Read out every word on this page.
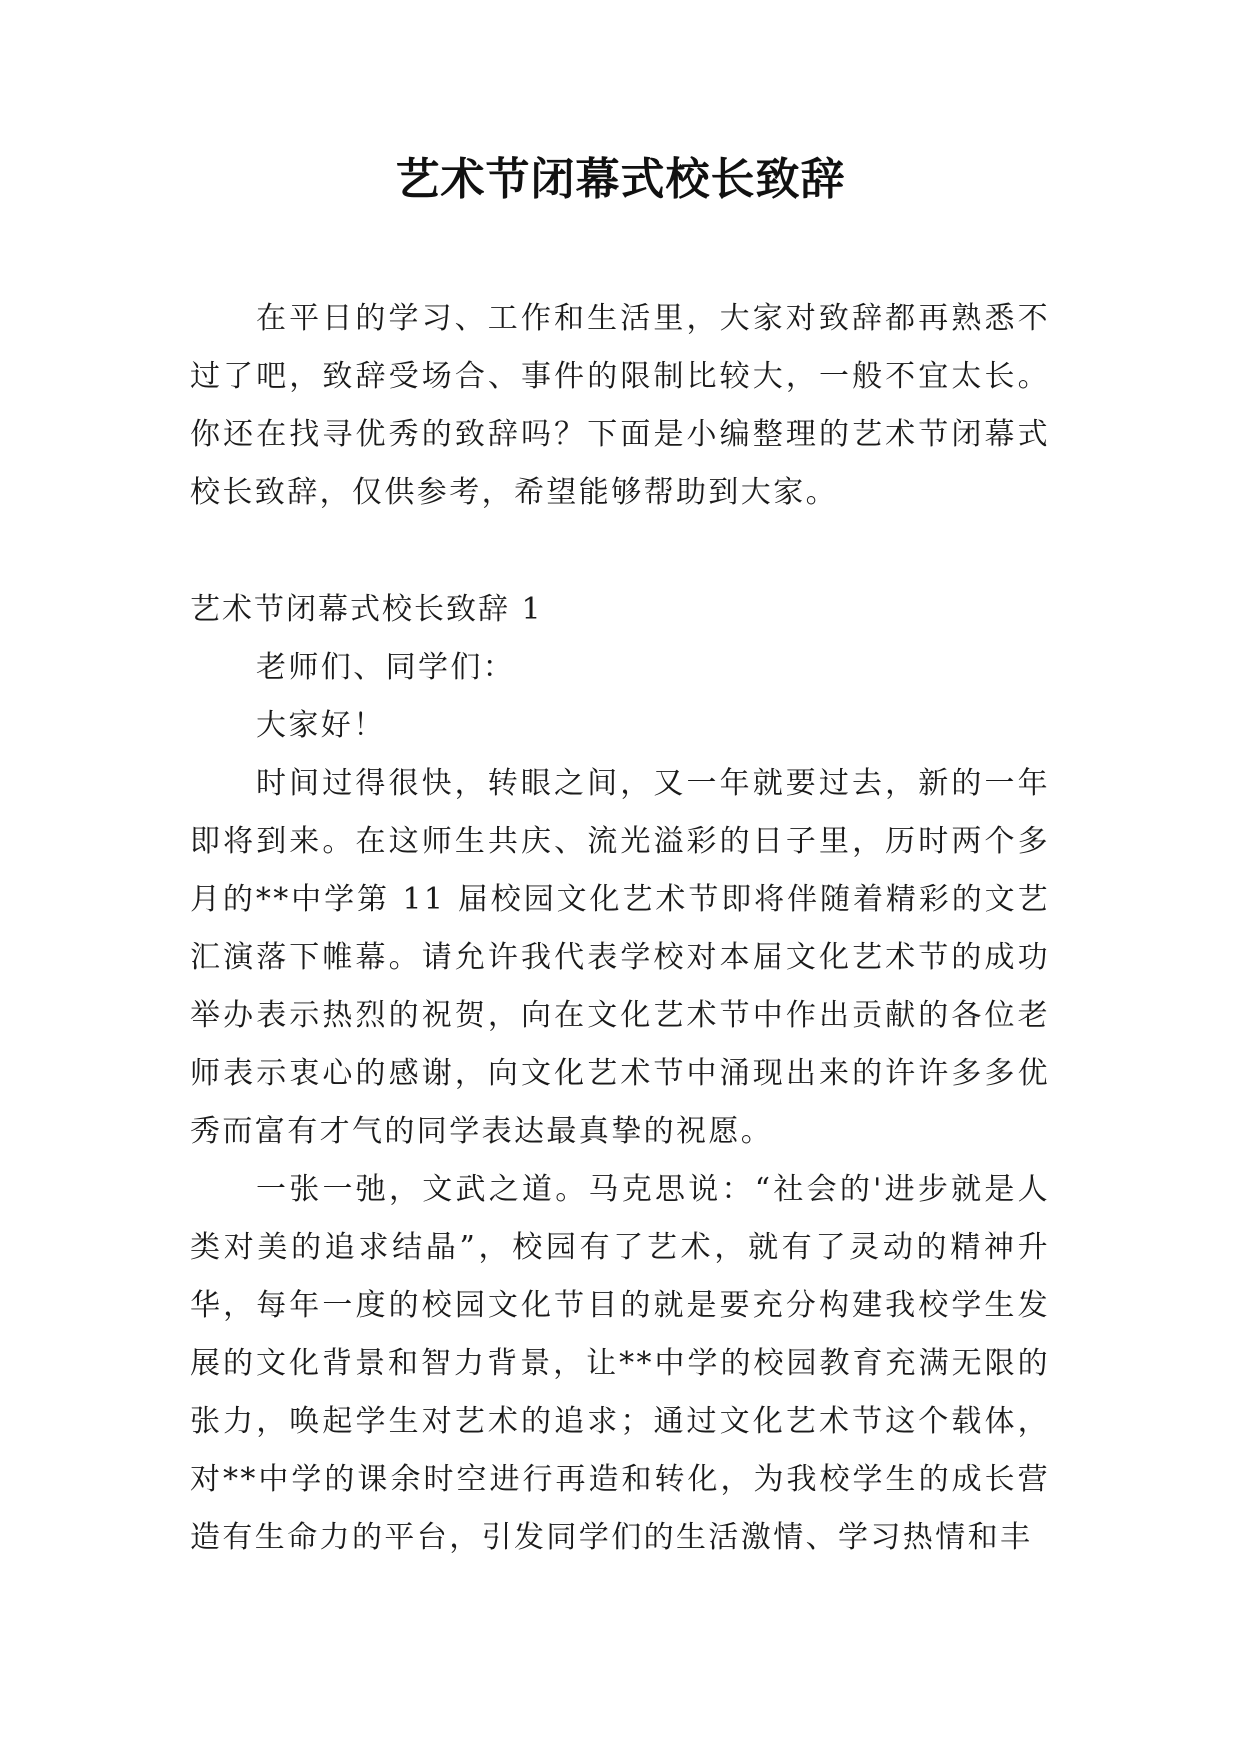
艺术节闭幕式校长致辞
在平日的学习、工作和生活里，大家对致辞都再熟悉不过了吧，致辞受场合、事件的限制比较大，一般不宜太长。你还在找寻优秀的致辞吗？下面是小编整理的艺术节闭幕式校长致辞，仅供参考，希望能够帮助到大家。

艺术节闭幕式校长致辞 1

老师们、同学们：

大家好！

时间过得很快，转眼之间，又一年就要过去，新的一年即将到来。在这师生共庆、流光溢彩的日子里，历时两个多月的**中学第 11 届校园文化艺术节即将伴随着精彩的文艺汇演落下帷幕。请允许我代表学校对本届文化艺术节的成功举办表示热烈的祝贺，向在文化艺术节中作出贡献的各位老师表示衷心的感谢，向文化艺术节中涌现出来的许许多多优秀而富有才气的同学表达最真挚的祝愿。

一张一弛，文武之道。马克思说：“社会的'进步就是人类对美的追求结晶”，校园有了艺术，就有了灵动的精神升华，每年一度的校园文化节目的就是要充分构建我校学生发展的文化背景和智力背景，让**中学的校园教育充满无限的张力，唤起学生对艺术的追求；通过文化艺术节这个载体，对**中学的课余时空进行再造和转化，为我校学生的成长营造有生命力的平台，引发同学们的生活激情、学习热情和丰
